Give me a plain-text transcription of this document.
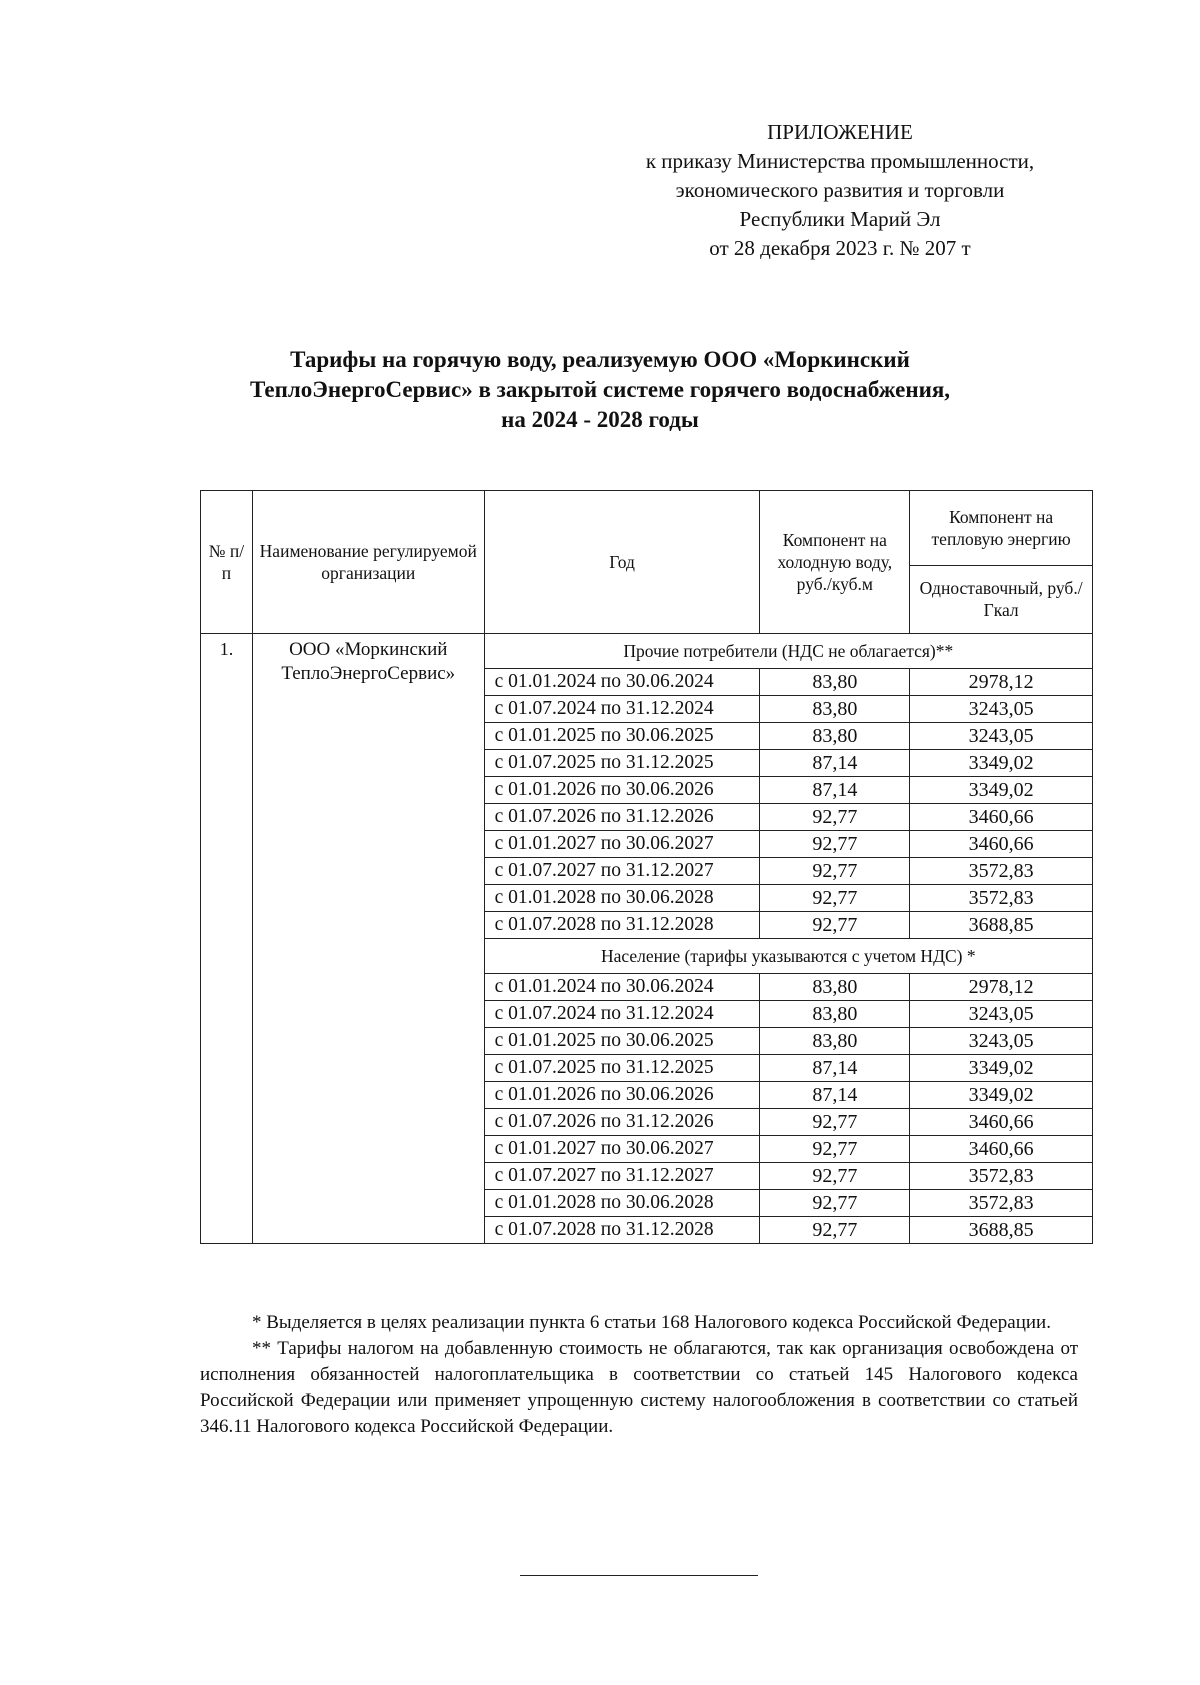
ПРИЛОЖЕНИЕ
к приказу Министерства промышленности,
экономического развития и торговли
Республики Марий Эл
от 28 декабря 2023 г. № 207 т
Тарифы на горячую воду, реализуемую ООО «Моркинский
ТеплоЭнергоСервис» в закрытой системе горячего водоснабжения,
на 2024 - 2028 годы
№ п/ п	Наименование регулируемой организации	Год	Компонент на холодную воду, руб./куб.м	Компонент на тепловую энергию
				Одноставочный, руб./Гкал
1.	ООО «Моркинский ТеплоЭнергоСервис»	Прочие потребители (НДС не облагается)**		
		с 01.01.2024 по 30.06.2024	83,80	2978,12
		с 01.07.2024 по 31.12.2024	83,80	3243,05
		с 01.01.2025 по 30.06.2025	83,80	3243,05
		с 01.07.2025 по 31.12.2025	87,14	3349,02
		с 01.01.2026 по 30.06.2026	87,14	3349,02
		с 01.07.2026 по 31.12.2026	92,77	3460,66
		с 01.01.2027 по 30.06.2027	92,77	3460,66
		с 01.07.2027 по 31.12.2027	92,77	3572,83
		с 01.01.2028 по 30.06.2028	92,77	3572,83
		с 01.07.2028 по 31.12.2028	92,77	3688,85
		Население (тарифы указываются с учетом НДС) *		
		с 01.01.2024 по 30.06.2024	83,80	2978,12
		с 01.07.2024 по 31.12.2024	83,80	3243,05
		с 01.01.2025 по 30.06.2025	83,80	3243,05
		с 01.07.2025 по 31.12.2025	87,14	3349,02
		с 01.01.2026 по 30.06.2026	87,14	3349,02
		с 01.07.2026 по 31.12.2026	92,77	3460,66
		с 01.01.2027 по 30.06.2027	92,77	3460,66
		с 01.07.2027 по 31.12.2027	92,77	3572,83
		с 01.01.2028 по 30.06.2028	92,77	3572,83
		с 01.07.2028 по 31.12.2028	92,77	3688,85

* Выделяется в целях реализации пункта 6 статьи 168 Налогового кодекса Российской Федерации.

** Тарифы налогом на добавленную стоимость не облагаются, так как организация освобождена от исполнения обязанностей налогоплательщика в соответствии со статьей 145 Налогового кодекса Российской Федерации или применяет упрощенную систему налогообложения в соответствии со статьей 346.11 Налогового кодекса Российской Федерации.
